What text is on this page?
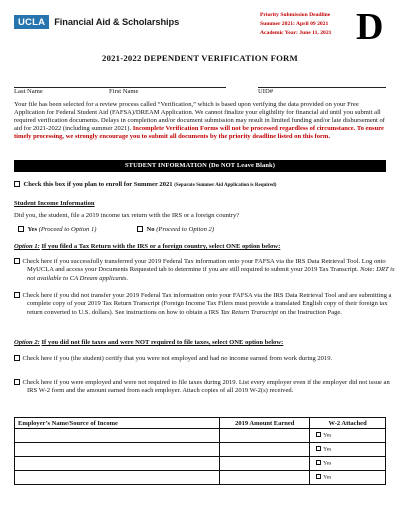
UCLA Financial Aid & Scholarships
Priority Submission Deadline
Summer 2021: April 09 2021
Academic Year: June 11, 2021 D
2021-2022 DEPENDENT VERIFICATION FORM
Last Name	First Name	UID#
Your file has been selected for a review process called “Verification,” which is based upon verifying the data provided on your Free Application for Federal Student Aid (FAFSA)/DREAM Application. We cannot finalize your eligibility for financial aid until you submit all required verification documents. Delays in completion and/or document submission may result in limited funding and/or late disbursement of aid for 2021-2022 (including summer 2021). Incomplete Verification Forms will not be processed regardless of circumstance. To ensure timely processing, we strongly encourage you to submit all documents by the priority deadline listed on this form.
STUDENT INFORMATION (Do NOT Leave Blank)
Check this box if you plan to enroll for Summer 2021 (Separate Summer Aid Application is Required)
Student Income Information
Did you, the student, file a 2019 income tax return with the IRS or a foreign country?
Yes (Proceed to Option 1)	No (Proceed to Option 2)
Option 1: If you filed a Tax Return with the IRS or a foreign country, select ONE option below:
Check here if you successfully transferred your 2019 Federal Tax information onto your FAFSA via the IRS Data Retrieval Tool. Log onto MyUCLA and access your Documents Requested tab to determine if you are still required to submit your 2019 Tax Transcript. Note: DRT is not available to CA Dream applicants.
Check here if you did not transfer your 2019 Federal Tax information onto your FAFSA via the IRS Data Retrieval Tool and are submitting a complete copy of your 2019 Tax Return Transcript (Foreign Income Tax Filers must provide a translated English copy of their foreign tax return converted to U.S. dollars). See instructions on how to obtain a IRS Tax Return Transcript on the Instruction Page.
Option 2: If you did not file taxes and were NOT required to file taxes, select ONE option below:
Check here if you (the student) certify that you were not employed and had no income earned from work during 2019.
Check here if you were employed and were not required to file taxes during 2019. List every employer even if the employer did not issue an IRS W-2 form and the amount earned from each employer. Attach copies of all 2019 W-2(s) received.
Employer’s Name/Source of Income	2019 Amount Earned	W-2 Attached
		Yes
		Yes
		Yes
		Yes
